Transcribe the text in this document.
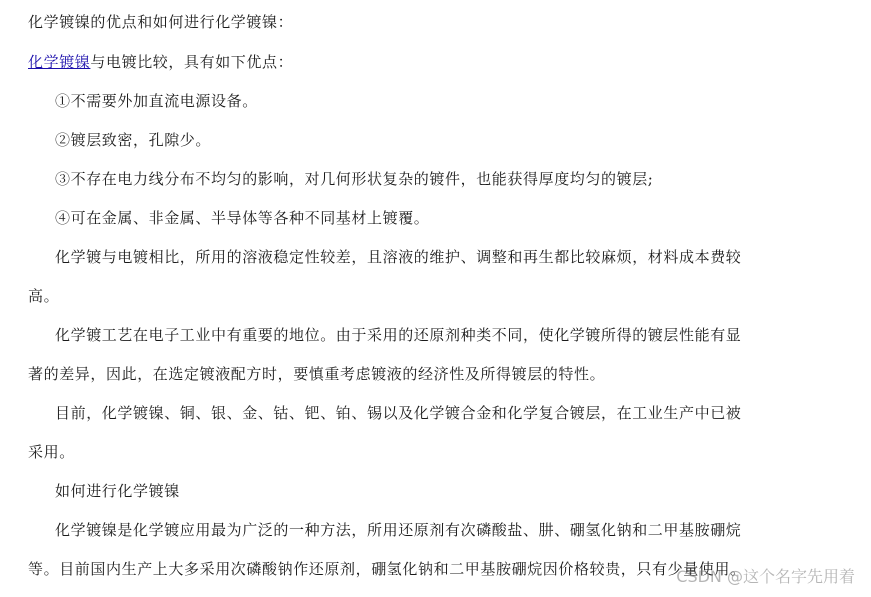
化学镀镍的优点和如何进行化学镀镍：
化学镀镍与电镀比较，具有如下优点：
①不需要外加直流电源设备。
②镀层致密，孔隙少。
③不存在电力线分布不均匀的影响，对几何形状复杂的镀件，也能获得厚度均匀的镀层;
④可在金属、非金属、半导体等各种不同基材上镀覆。
化学镀与电镀相比，所用的溶液稳定性较差，且溶液的维护、调整和再生都比较麻烦，材料成本费较
高。
化学镀工艺在电子工业中有重要的地位。由于采用的还原剂种类不同，使化学镀所得的镀层性能有显
著的差异，因此，在选定镀液配方时，要慎重考虑镀液的经济性及所得镀层的特性。
目前，化学镀镍、铜、银、金、钴、钯、铂、锡以及化学镀合金和化学复合镀层，在工业生产中已被
采用。
如何进行化学镀镍
化学镀镍是化学镀应用最为广泛的一种方法，所用还原剂有次磷酸盐、肼、硼氢化钠和二甲基胺硼烷
等。目前国内生产上大多采用次磷酸钠作还原剂，硼氢化钠和二甲基胺硼烷因价格较贵，只有少量使用。
CSDN @这个名字先用着
